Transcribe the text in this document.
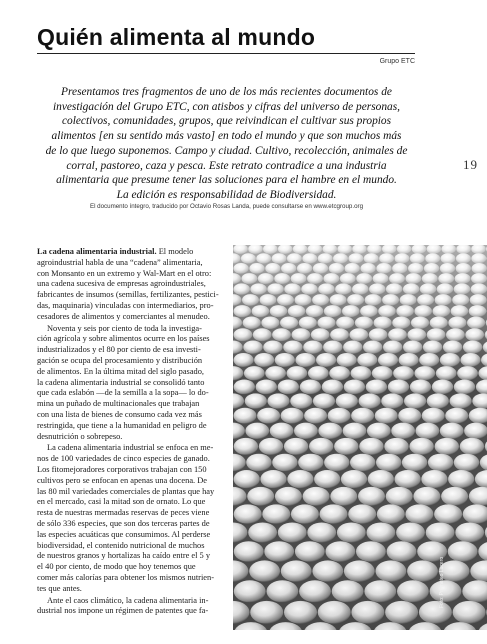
Quién alimenta al mundo
Grupo ETC
Presentamos tres fragmentos de uno de los más recientes documentos de
investigación del Grupo ETC, con atisbos y cifras del universo de personas,
colectivos, comunidades, grupos, que reivindican el cultivar sus propios
alimentos [en su sentido más vasto] en todo el mundo y que son muchos más
de lo que luego suponemos. Campo y ciudad. Cultivo, recolección, animales de
corral, pastoreo, caza y pesca. Este retrato contradice a una industria
alimentaria que presume tener las soluciones para el hambre en el mundo.
La edición es responsabilidad de Biodiversidad.
19
El documento íntegro, traducido por Octavio Rosas Landa, puede consultarse en www.etcgroup.org
La cadena alimentaria industrial. El modelo
agroindustrial habla de una “cadena” alimentaria,
con Monsanto en un extremo y Wal-Mart en el otro:
una cadena sucesiva de empresas agroindustriales,
fabricantes de insumos (semillas, fertilizantes, pestici-
das, maquinaria) vinculadas con intermediarios, pro-
cesadores de alimentos y comerciantes al menudeo.
Noventa y seis por ciento de toda la investiga-
ción agrícola y sobre alimentos ocurre en los países
industrializados y el 80 por ciento de esa investi-
gación se ocupa del procesamiento y distribución
de alimentos. En la última mitad del siglo pasado,
la cadena alimentaria industrial se consolidó tanto
que cada eslabón —de la semilla a la sopa— lo do-
mina un puñado de multinacionales que trabajan
con una lista de bienes de consumo cada vez más
restringida, que tiene a la humanidad en peligro de
desnutrición o sobrepeso.
La cadena alimentaria industrial se enfoca en me-
nos de 100 variedades de cinco especies de ganado.
Los fitomejoradores corporativos trabajan con 150
cultivos pero se enfocan en apenas una docena. De
las 80 mil variedades comerciales de plantas que hay
en el mercado, casi la mitad son de ornato. Lo que
resta de nuestras mermadas reservas de peces viene
de sólo 336 especies, que son dos terceras partes de
las especies acuáticas que consumimos. Al perderse
biodiversidad, el contenido nutricional de muchos
de nuestros granos y hortalizas ha caído entre el 5 y
el 40 por ciento, de modo que hoy tenemos que
comer más calorías para obtener los mismos nutrien-
tes que antes.
Ante el caos climático, la cadena alimentaria in-
dustrial nos impone un régimen de patentes que fa-
Foto: Prometeo Lucero
